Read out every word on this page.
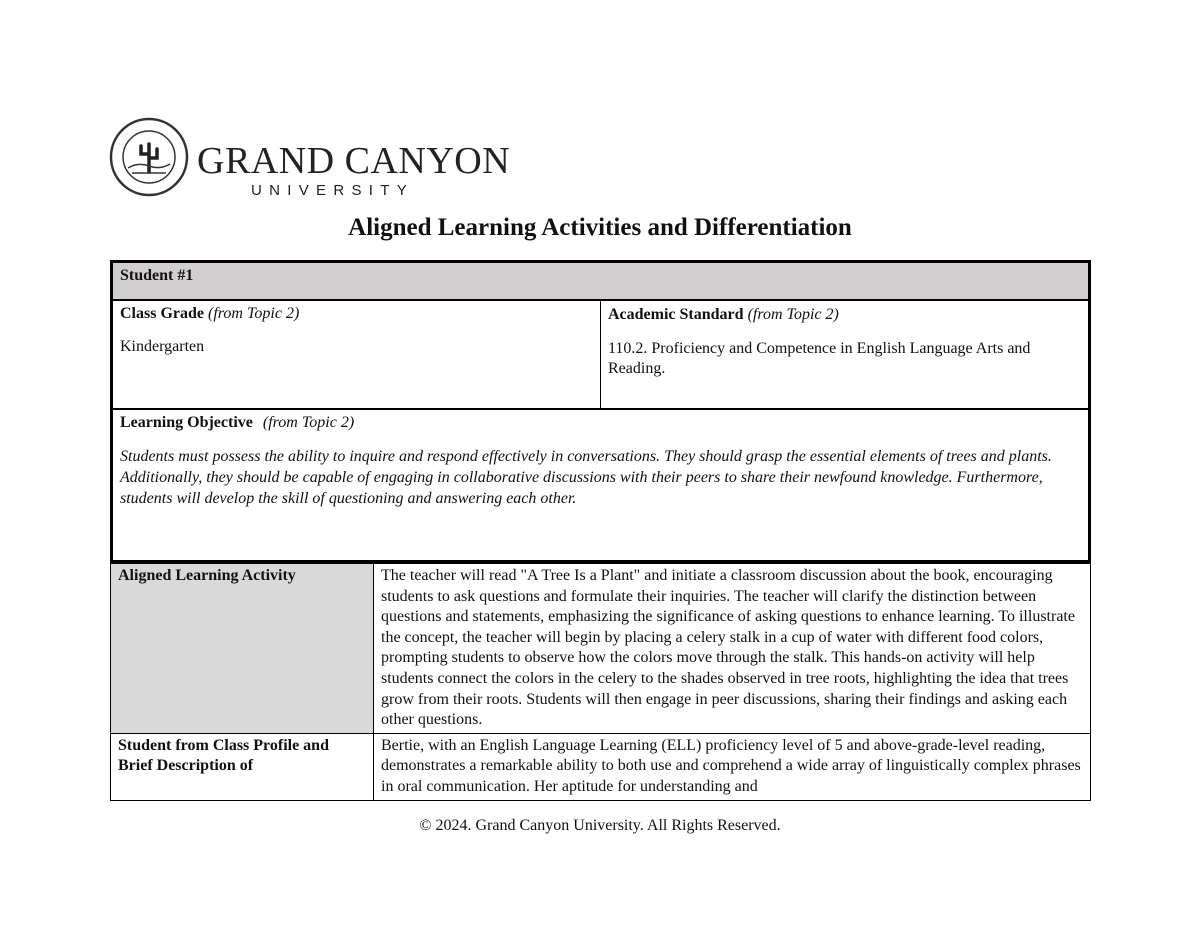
GRAND CANYON
UNIVERSITY
Aligned Learning Activities and Differentiation
Student #1
Class Grade (from Topic 2)
Kindergarten
Academic Standard (from Topic 2)
110.2. Proficiency and Competence in English Language Arts and Reading.
Learning Objective (from Topic 2)
Students must possess the ability to inquire and respond effectively in conversations. They should grasp the essential elements of trees and plants. Additionally, they should be capable of engaging in collaborative discussions with their peers to share their newfound knowledge. Furthermore, students will develop the skill of questioning and answering each other.
Aligned Learning Activity	The teacher will read "A Tree Is a Plant" and initiate a classroom discussion about the book, encouraging students to ask questions and formulate their inquiries. The teacher will clarify the distinction between questions and statements, emphasizing the significance of asking questions to enhance learning. To illustrate the concept, the teacher will begin by placing a celery stalk in a cup of water with different food colors, prompting students to observe how the colors move through the stalk. This hands-on activity will help students connect the colors in the celery to the shades observed in tree roots, highlighting the idea that trees grow from their roots. Students will then engage in peer discussions, sharing their findings and asking each other questions.
Student from Class Profile and Brief Description of	Bertie, with an English Language Learning (ELL) proficiency level of 5 and above-grade-level reading, demonstrates a remarkable ability to both use and comprehend a wide array of linguistically complex phrases in oral communication. Her aptitude for understanding and
© 2024. Grand Canyon University. All Rights Reserved.
